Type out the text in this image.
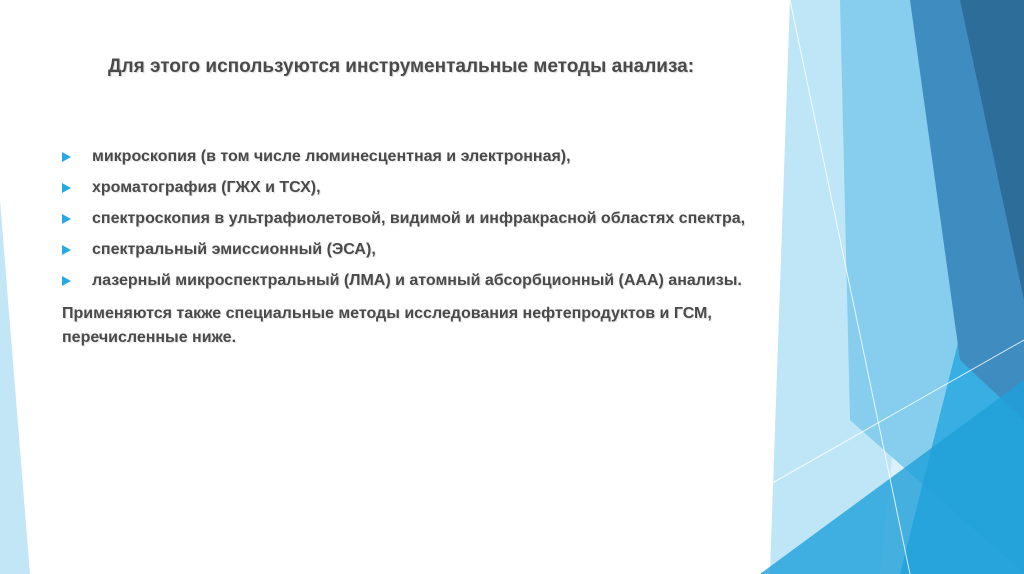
Для этого используются инструментальные методы анализа:
микроскопия (в том числе люминесцентная и электронная),
хроматография (ГЖХ и ТСХ),
спектроскопия в ультрафиолетовой, видимой и инфракрасной областях спектра,
спектральный эмиссионный (ЭСА),
лазерный микроспектральный (ЛМА) и атомный абсорбционный (ААА) анализы.

Применяются также специальные методы исследования нефтепродуктов и ГСМ, перечисленные ниже.
